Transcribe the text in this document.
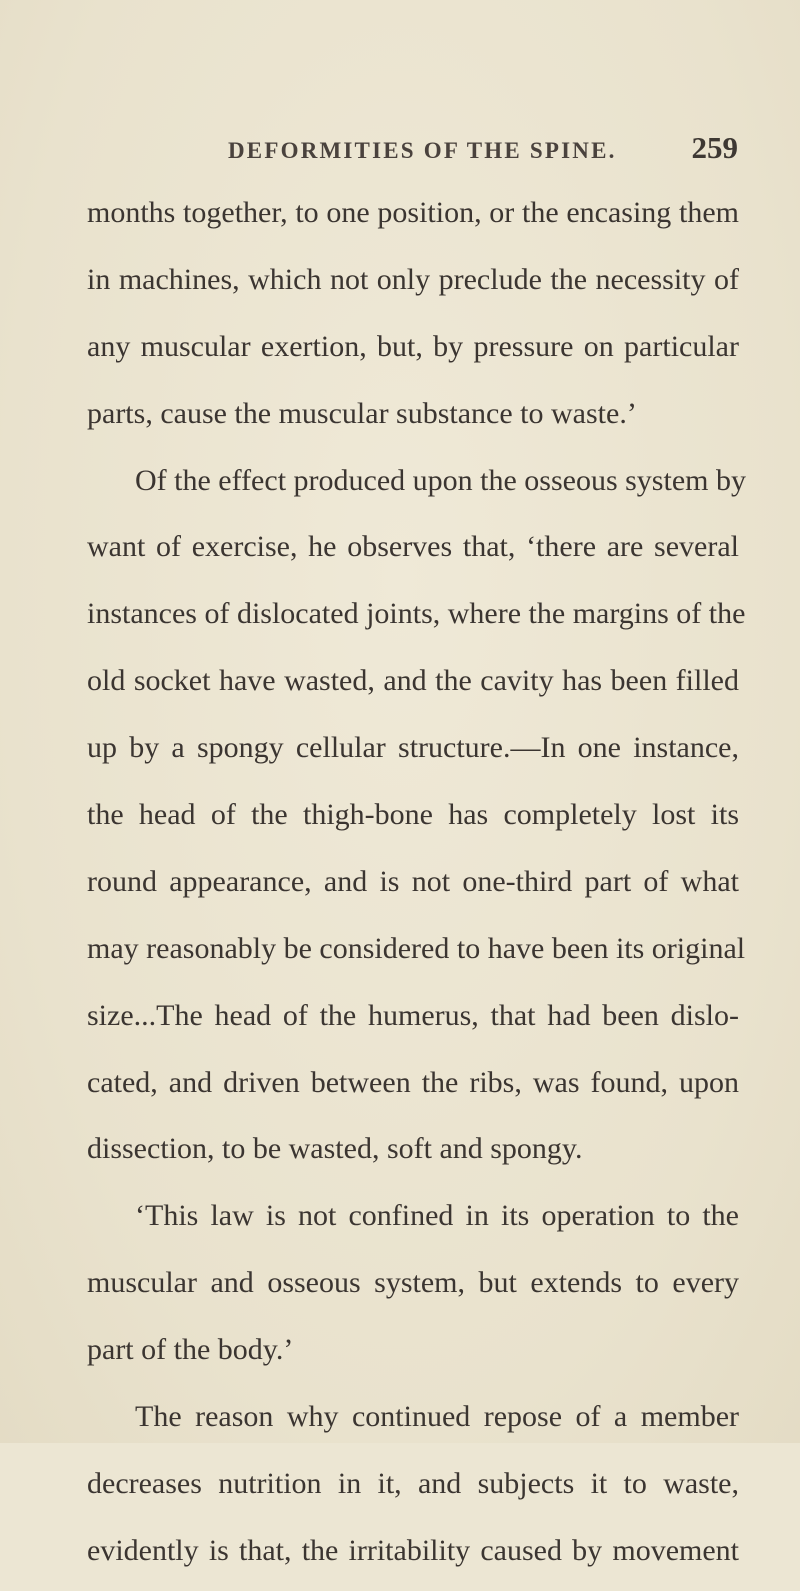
DEFORMITIES OF THE SPINE. 259
months together, to one position, or the encasing them
in machines, which not only preclude the necessity of
any muscular exertion, but, by pressure on particular
parts, cause the muscular substance to waste.’
Of the effect produced upon the osseous system by
want of exercise, he observes that, ‘there are several
instances of dislocated joints, where the margins of the
old socket have wasted, and the cavity has been filled
up by a spongy cellular structure.—In one instance,
the head of the thigh-bone has completely lost its
round appearance, and is not one-third part of what
may reasonably be considered to have been its original
size...The head of the humerus, that had been dislo-
cated, and driven between the ribs, was found, upon
dissection, to be wasted, soft and spongy.
‘This law is not confined in its operation to the
muscular and osseous system, but extends to every
part of the body.’
The reason why continued repose of a member
decreases nutrition in it, and subjects it to waste,
evidently is that, the irritability caused by movement
